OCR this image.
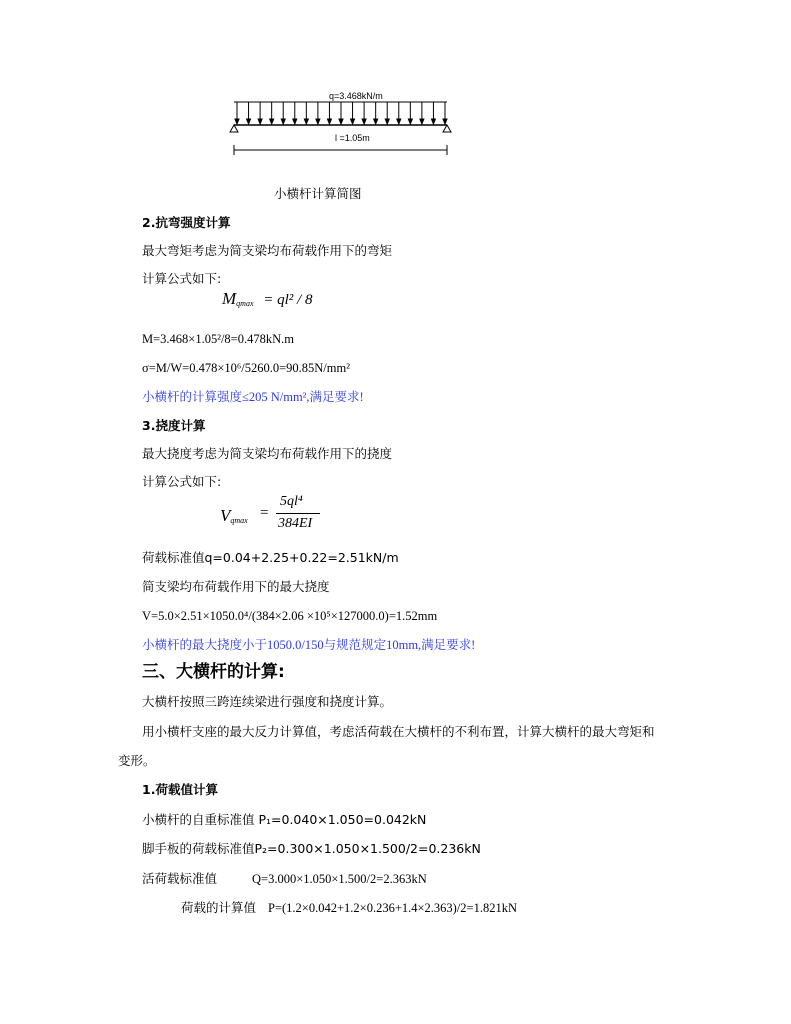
q=3.468kN/m
l =1.05m
小横杆计算简图
2.抗弯强度计算
最大弯矩考虑为简支梁均布荷载作用下的弯矩
计算公式如下:
$M_{qmax} = ql^2 / 8$
M=3.468×1.05²/8=0.478kN.m
σ=M/W=0.478×10⁶/5260.0=90.85N/mm²
小横杆的计算强度≤205 N/mm²,满足要求!
3.挠度计算
最大挠度考虑为简支梁均布荷载作用下的挠度
计算公式如下:
$V_{qmax}$ =
5ql⁴
384EI
荷载标准值q=0.04+2.25+0.22=2.51kN/m
简支梁均布荷载作用下的最大挠度
V=5.0×2.51×1050.0⁴/(384×2.06 ×10⁵×127000.0)=1.52mm
小横杆的最大挠度小于1050.0/150与规范规定10mm,满足要求!
三、大横杆的计算:
大横杆按照三跨连续梁进行强度和挠度计算。
用小横杆支座的最大反力计算值，考虑活荷载在大横杆的不利布置，计算大横杆的最大弯矩和
变形。
1.荷载值计算
小横杆的自重标准值 P₁=0.040×1.050=0.042kN
脚手板的荷载标准值P₂=0.300×1.050×1.500/2=0.236kN
活荷载标准值	Q=3.000×1.050×1.500/2=2.363kN
荷载的计算值 P=(1.2×0.042+1.2×0.236+1.4×2.363)/2=1.821kN
